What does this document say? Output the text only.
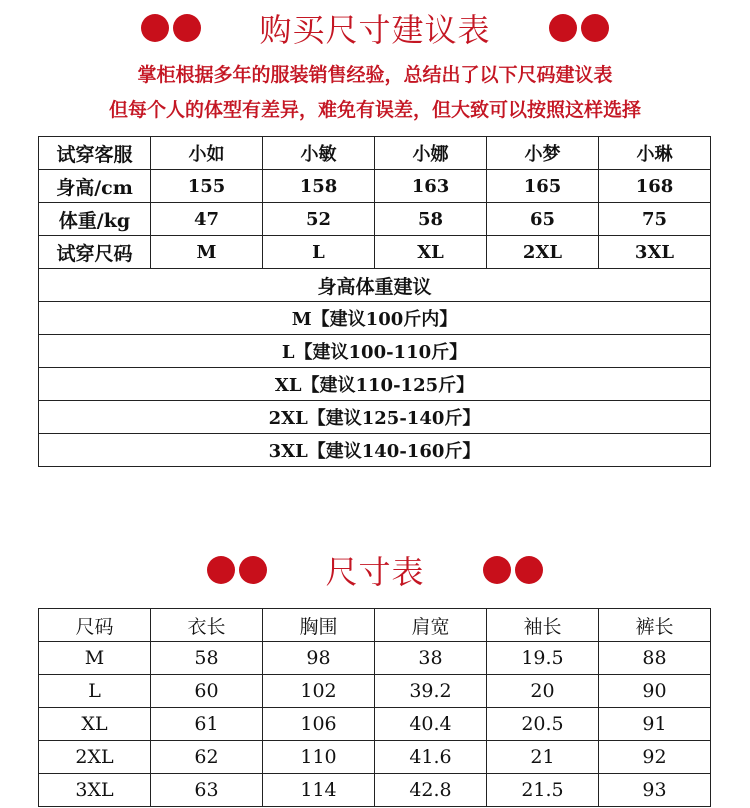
购买尺寸建议表
掌柜根据多年的服装销售经验，总结出了以下尺码建议表
但每个人的体型有差异，难免有误差，但大致可以按照这样选择
试穿客服	小如	小敏	小娜	小梦	小琳
身高/cm	155	158	163	165	168
体重/kg	47	52	58	65	75
试穿尺码	M	L	XL	2XL	3XL
身高体重建议					
M【建议100斤内】					
L【建议100-110斤】					
XL【建议110-125斤】					
2XL【建议125-140斤】					
3XL【建议140-160斤】					
尺寸表
尺码	衣长	胸围	肩宽	袖长	裤长
M	58	98	38	19.5	88
L	60	102	39.2	20	90
XL	61	106	40.4	20.5	91
2XL	62	110	41.6	21	92
3XL	63	114	42.8	21.5	93
